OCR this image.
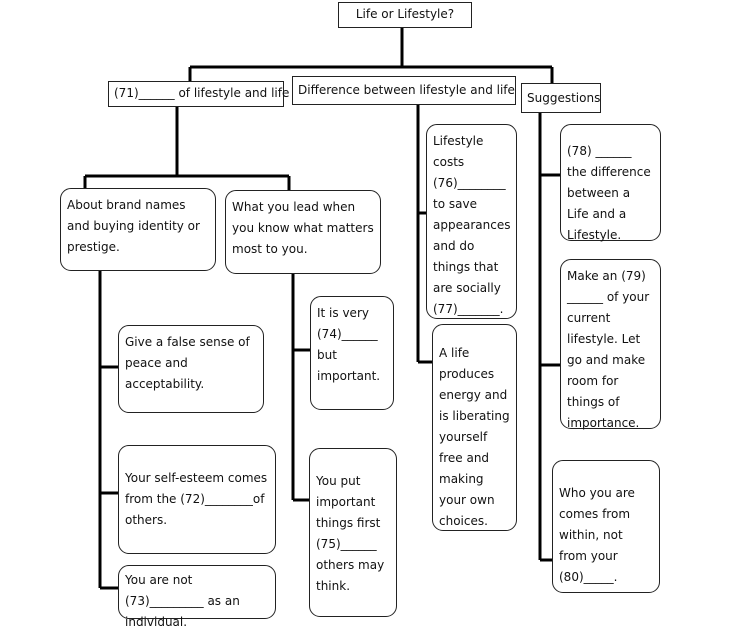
Life or Lifestyle?
(71)______ of lifestyle and life Difference between lifestyle and life
Suggestions
About brand names and buying identity or prestige.
What you lead when you know what matters most to you.
Give a false sense of peace and acceptability.
Your self-esteem comes from the (72)________of others.
You are not (73)_________ as an individual.
It is very (74)______ but important.
You put important things first (75)______ others may think.
Lifestyle costs (76)________ to save appearances and do things that are socially (77)_______.
A life produces energy and is liberating yourself free and making your own choices.
(78) ______ the difference between a Life and a Lifestyle.
Make an (79) ______ of your current lifestyle. Let go and make room for things of importance.
Who you are comes from within, not from your (80)_____.
